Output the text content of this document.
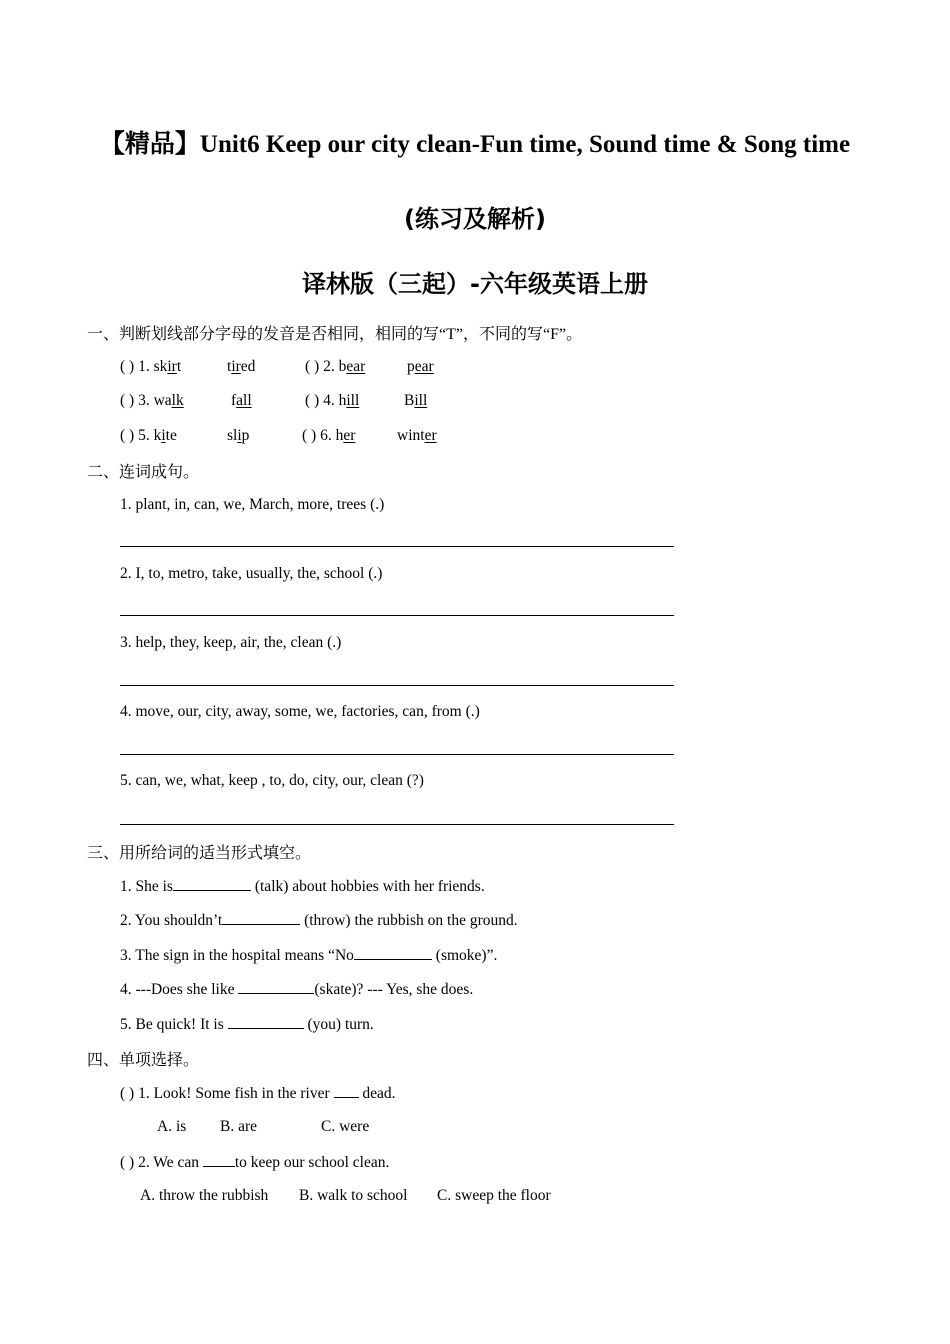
【精品】Unit6 Keep our city clean-Fun time, Sound time & Song time
(练习及解析)
译林版（三起）-六年级英语上册
一、判断划线部分字母的发音是否相同，相同的写“T”，不同的写“F”。
( ) 1. skirt	tired	( ) 2. bear	pear
( ) 3. walk	fall	( ) 4. hill	Bill
( ) 5. kite	slip	( ) 6. her	winter
二、连词成句。
1. plant, in, can, we, March, more, trees (.)
2. I, to, metro, take, usually, the, school (.)
3. help, they, keep, air, the, clean (.)
4. move, our, city, away, some, we, factories, can, from (.)
5. can, we, what, keep , to, do, city, our, clean (?)
三、用所给词的适当形式填空。
1. She is	(talk) about hobbies with her friends.
2. You shouldn’t	(throw) the rubbish on the ground.
3. The sign in the hospital means “No	(smoke)”.
4. ---Does she like	(skate)? --- Yes, she does.
5. Be quick! It is	(you) turn.
四、单项选择。
( ) 1. Look! Some fish in the river  dead.
A. is B. are	C. were
( ) 2. We can to keep our school clean.
A. throw the rubbish B. walk to school C. sweep the floor
